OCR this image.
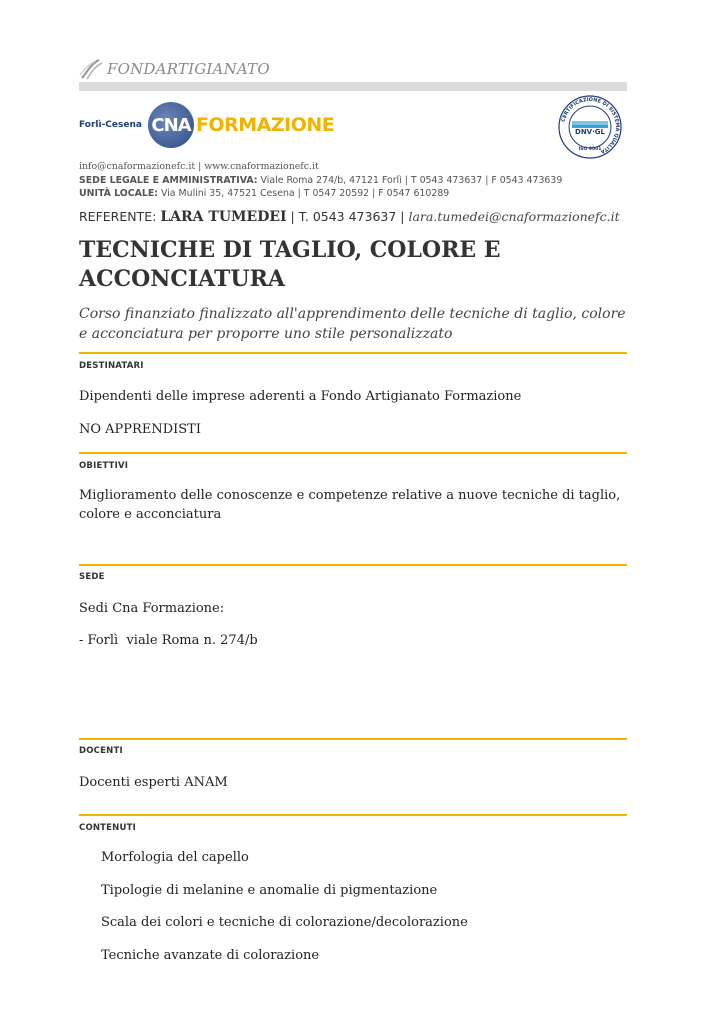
FONDARTIGIANATO
Forlì-Cesena CNA FORMAZIONE	CERTIFICAZIONE DI SISTEMA QUALITÀ
DNV·GL
ISO 9001
info@cnaformazionefc.it | www.cnaformazionefc.it
SEDE LEGALE E AMMINISTRATIVA: Viale Roma 274/b, 47121 Forlì | T 0543 473637 | F 0543 473639
UNITÀ LOCALE: Via Mulini 35, 47521 Cesena | T 0547 20592 | F 0547 610289
REFERENTE: LARA TUMEDEI | T. 0543 473637 | lara.tumedei@cnaformazionefc.it
TECNICHE DI TAGLIO, COLORE E ACCONCIATURA
Corso finanziato finalizzato all'apprendimento delle tecniche di taglio, colore e acconciatura per proporre uno stile personalizzato
DESTINATARI
Dipendenti delle imprese aderenti a Fondo Artigianato Formazione
NO APPRENDISTI
OBIETTIVI
Miglioramento delle conoscenze e competenze relative a nuove tecniche di taglio, colore e acconciatura
SEDE
Sedi Cna Formazione:
- Forlì  viale Roma n. 274/b
DOCENTI
Docenti esperti ANAM
CONTENUTI
Morfologia del capello
Tipologie di melanine e anomalie di pigmentazione
Scala dei colori e tecniche di colorazione/decolorazione
Tecniche avanzate di colorazione
